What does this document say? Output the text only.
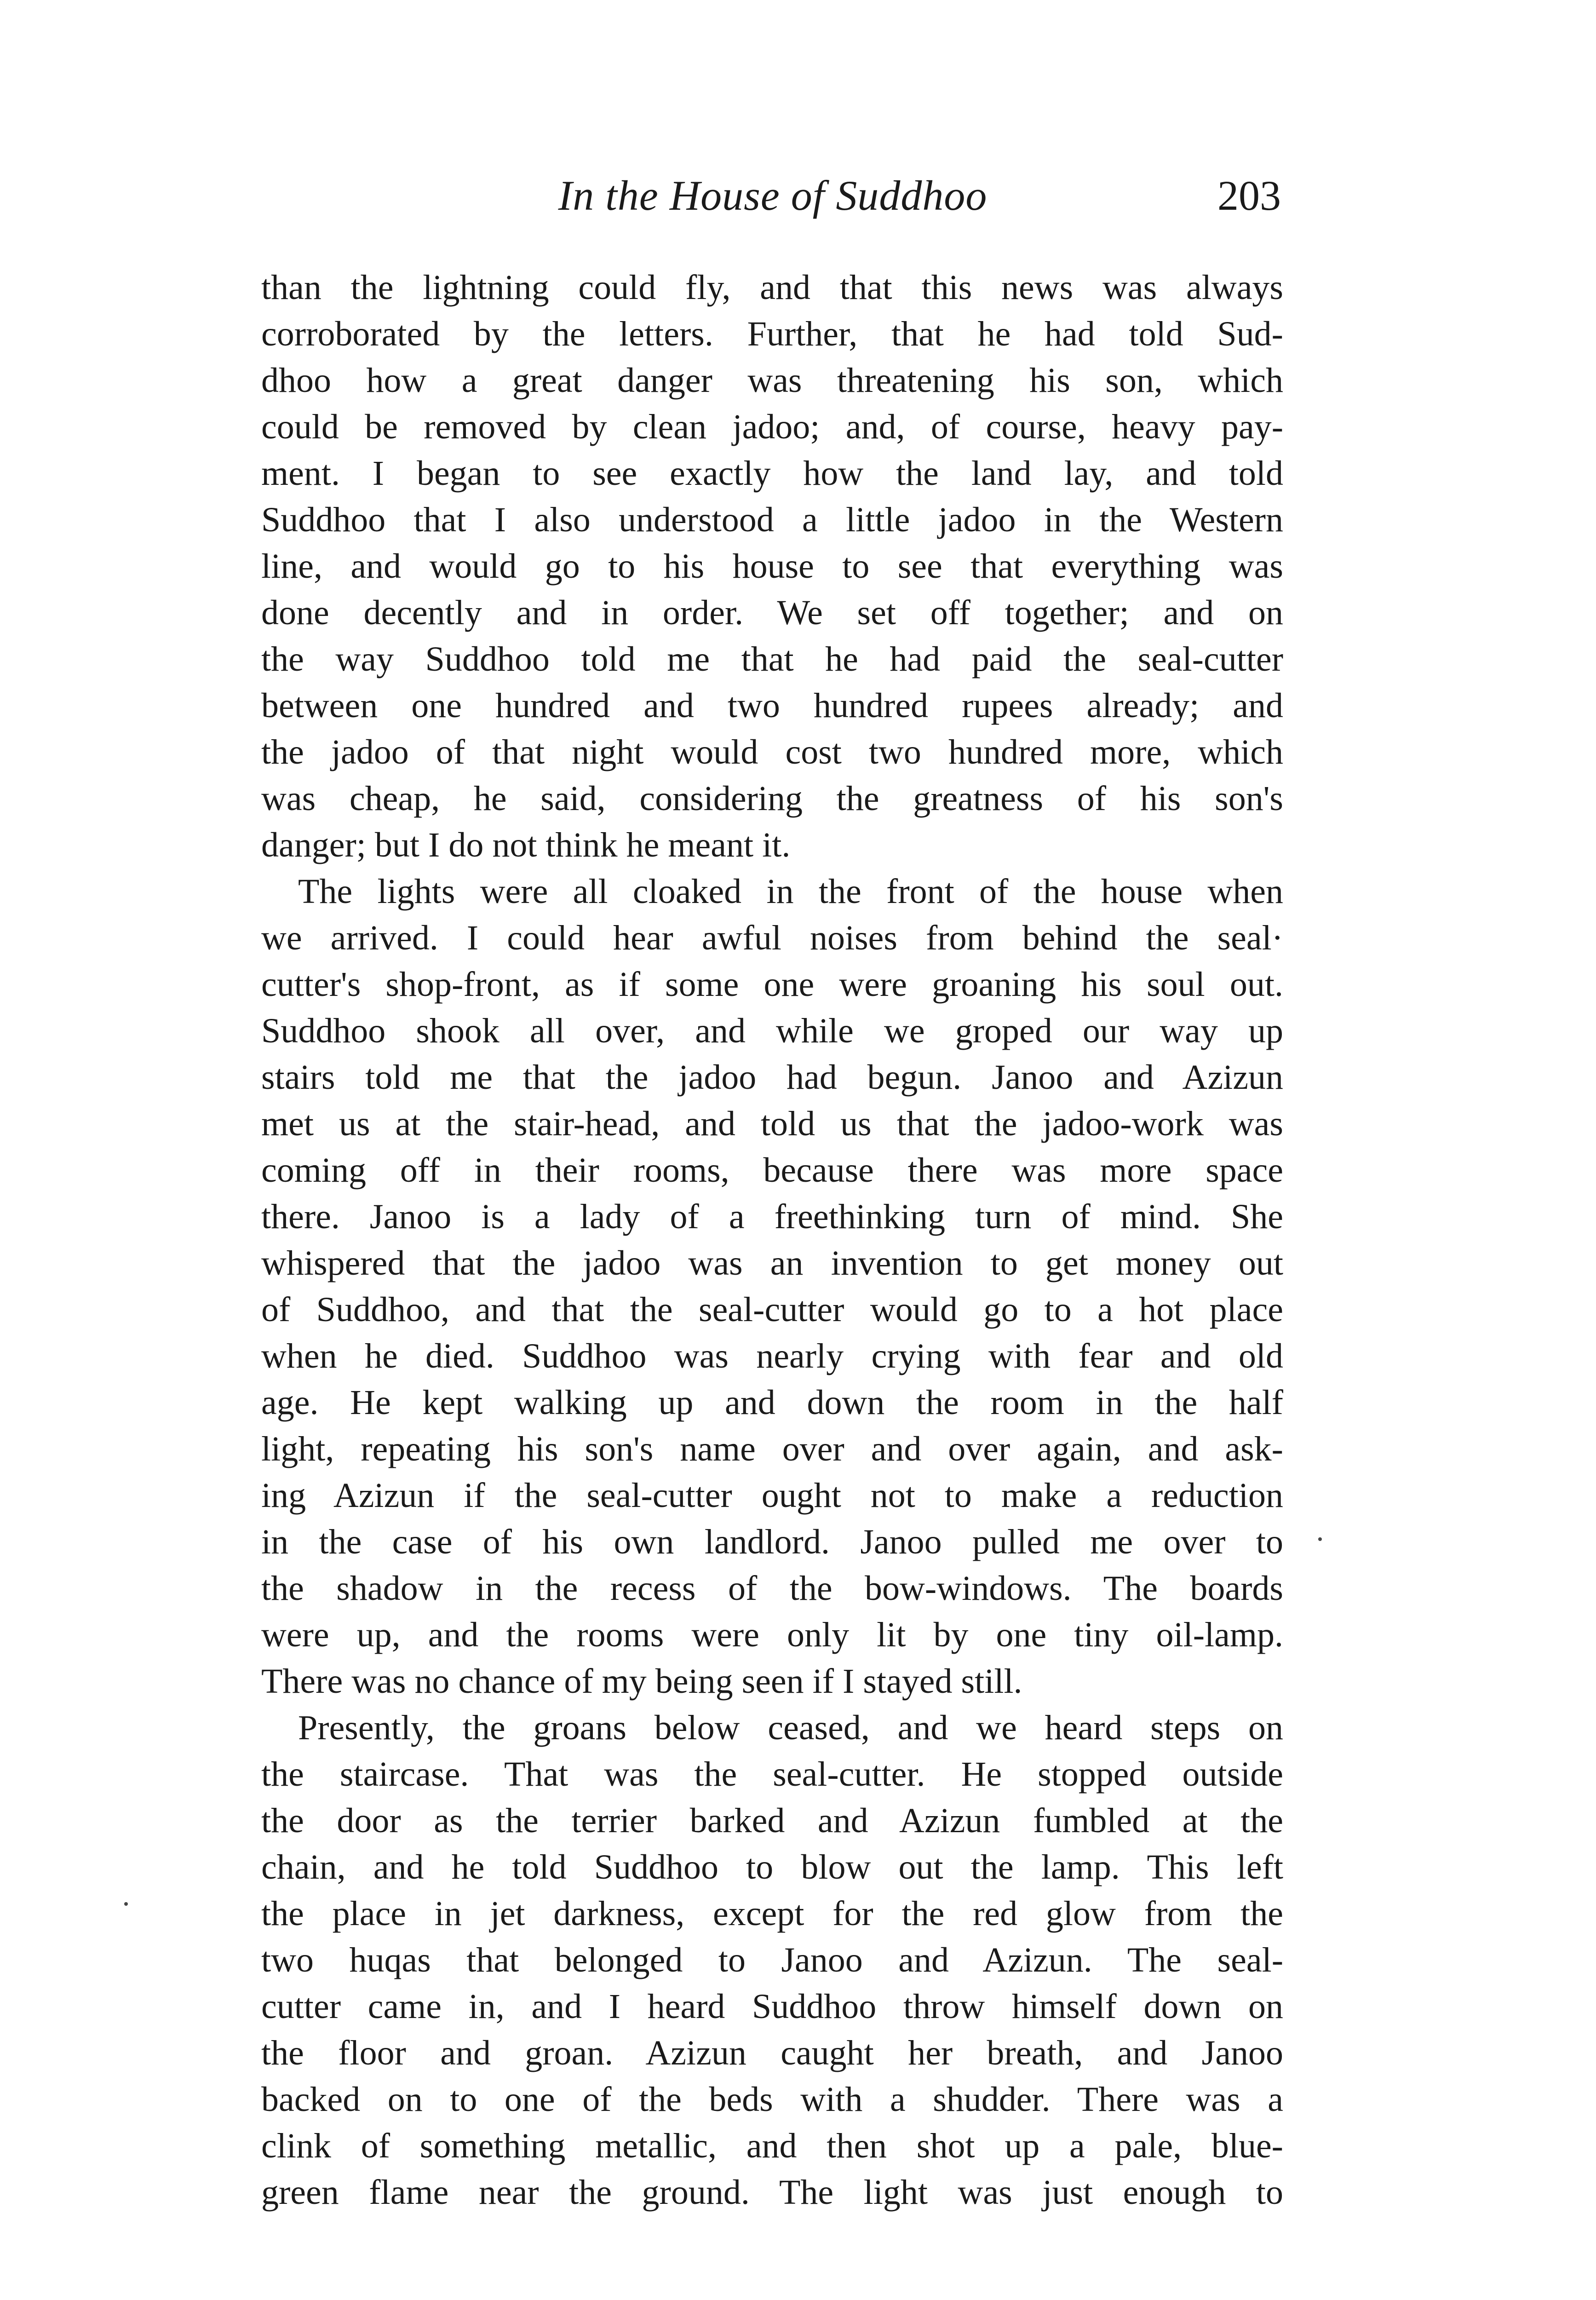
In the House of Suddhoo	203
than the lightning could fly, and that this news was always
corroborated by the letters. Further, that he had told Sud-
dhoo how a great danger was threatening his son, which
could be removed by clean jadoo; and, of course, heavy pay-
ment. I began to see exactly how the land lay, and told
Suddhoo that I also understood a little jadoo in the Western
line, and would go to his house to see that everything was
done decently and in order. We set off together; and on
the way Suddhoo told me that he had paid the seal-cutter
between one hundred and two hundred rupees already; and
the jadoo of that night would cost two hundred more, which
was cheap, he said, considering the greatness of his son's
danger; but I do not think he meant it.
The lights were all cloaked in the front of the house when
we arrived. I could hear awful noises from behind the seal·
cutter's shop-front, as if some one were groaning his soul out.
Suddhoo shook all over, and while we groped our way up
stairs told me that the jadoo had begun. Janoo and Azizun
met us at the stair-head, and told us that the jadoo-work was
coming off in their rooms, because there was more space
there. Janoo is a lady of a freethinking turn of mind. She
whispered that the jadoo was an invention to get money out
of Suddhoo, and that the seal-cutter would go to a hot place
when he died. Suddhoo was nearly crying with fear and old
age. He kept walking up and down the room in the half
light, repeating his son's name over and over again, and ask-
ing Azizun if the seal-cutter ought not to make a reduction
in the case of his own landlord. Janoo pulled me over to
the shadow in the recess of the bow-windows. The boards
were up, and the rooms were only lit by one tiny oil-lamp.
There was no chance of my being seen if I stayed still.
Presently, the groans below ceased, and we heard steps on
the staircase. That was the seal-cutter. He stopped outside
the door as the terrier barked and Azizun fumbled at the
chain, and he told Suddhoo to blow out the lamp. This left
the place in jet darkness, except for the red glow from the
two huqas that belonged to Janoo and Azizun. The seal-
cutter came in, and I heard Suddhoo throw himself down on
the floor and groan. Azizun caught her breath, and Janoo
backed on to one of the beds with a shudder. There was a
clink of something metallic, and then shot up a pale, blue-
green flame near the ground. The light was just enough to
